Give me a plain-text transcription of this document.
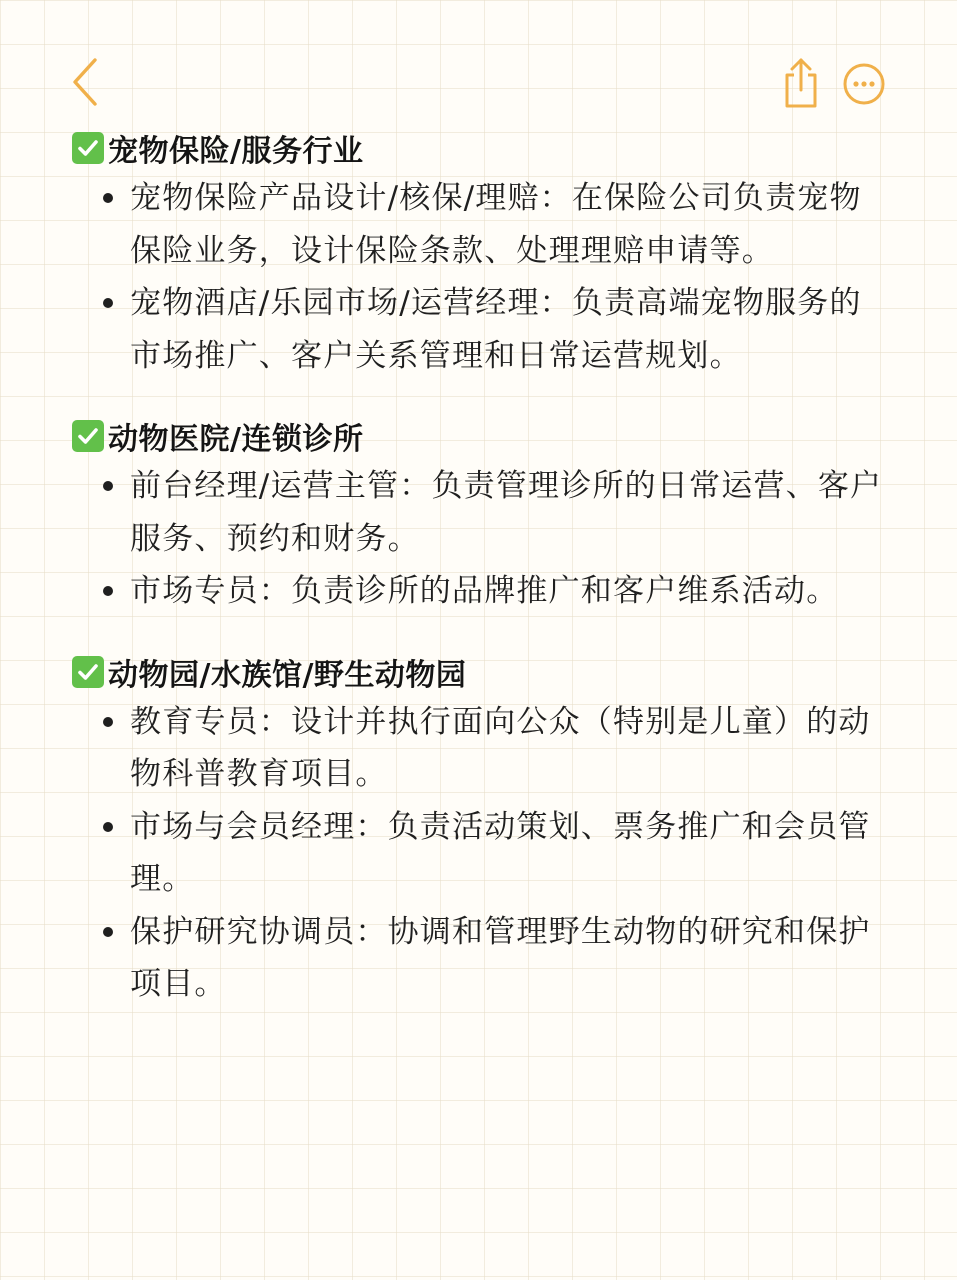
宠物保险/服务行业
宠物保险产品设计/核保/理赔：在保险公司负责宠物保险业务，设计保险条款、处理理赔申请等。
宠物酒店/乐园市场/运营经理：负责高端宠物服务的市场推广、客户关系管理和日常运营规划。
动物医院/连锁诊所
前台经理/运营主管：负责管理诊所的日常运营、客户服务、预约和财务。
市场专员：负责诊所的品牌推广和客户维系活动。
动物园/水族馆/野生动物园
教育专员：设计并执行面向公众（特别是儿童）的动物科普教育项目。
市场与会员经理：负责活动策划、票务推广和会员管理。
保护研究协调员：协调和管理野生动物的研究和保护项目。
